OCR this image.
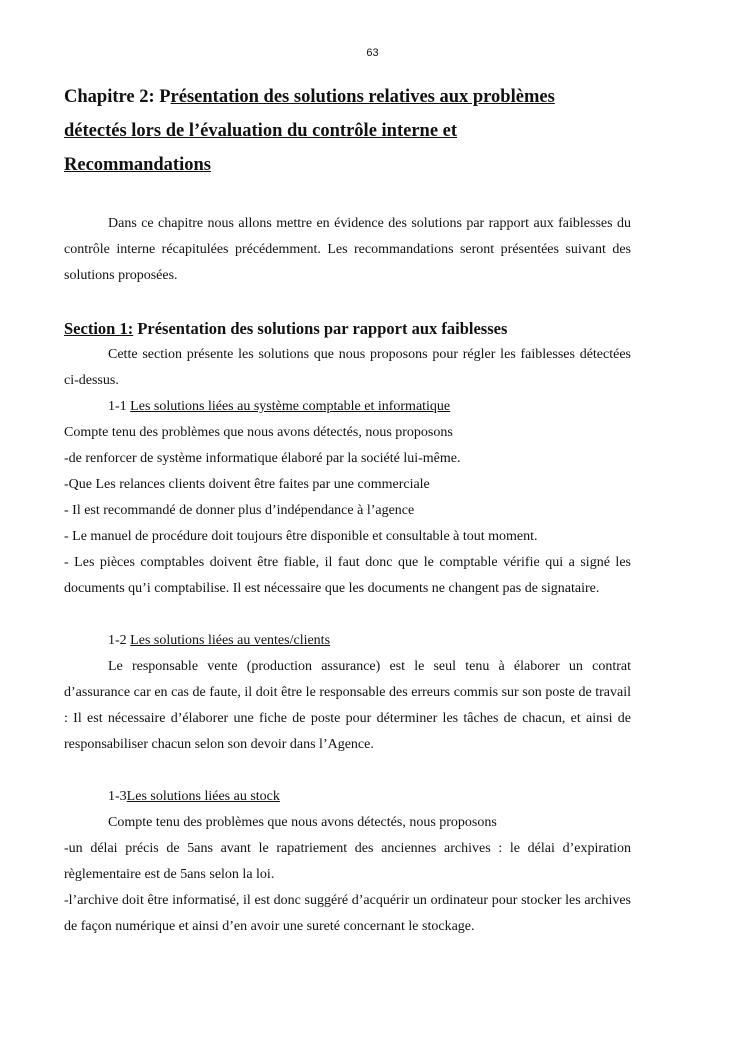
63
Chapitre 2: Présentation des solutions relatives aux problèmes
détectés lors de l’évaluation du contrôle interne et
Recommandations

Dans ce chapitre nous allons mettre en évidence des solutions par rapport aux faiblesses du contrôle interne récapitulées précédemment. Les recommandations seront présentées suivant des solutions proposées.

Section 1: Présentation des solutions par rapport aux faiblesses

Cette section présente les solutions que nous proposons pour régler les faiblesses détectées ci-dessus.

1-1 Les solutions liées au système comptable et informatique

Compte tenu des problèmes que nous avons détectés, nous proposons

-de renforcer de système informatique élaboré par la société lui-même.

-Que Les relances clients doivent être faites par une commerciale

- Il est recommandé de donner plus d’indépendance à l’agence

- Le manuel de procédure doit toujours être disponible et consultable à tout moment.

- Les pièces comptables doivent être fiable, il faut donc que le comptable vérifie qui a signé les documents qu’i comptabilise. Il est nécessaire que les documents ne changent pas de signataire.

1-2 Les solutions liées au ventes/clients

Le responsable vente (production assurance) est le seul tenu à élaborer un contrat d’assurance car en cas de faute, il doit être le responsable des erreurs commis sur son poste de travail : Il est nécessaire d’élaborer une fiche de poste pour déterminer les tâches de chacun, et ainsi de responsabiliser chacun selon son devoir dans l’Agence.

1-3Les solutions liées au stock

Compte tenu des problèmes que nous avons détectés, nous proposons

-un délai précis de 5ans avant le rapatriement des anciennes archives : le délai d’expiration règlementaire est de 5ans selon la loi.

-l’archive doit être informatisé, il est donc suggéré d’acquérir un ordinateur pour stocker les archives de façon numérique et ainsi d’en avoir une sureté concernant le stockage.
